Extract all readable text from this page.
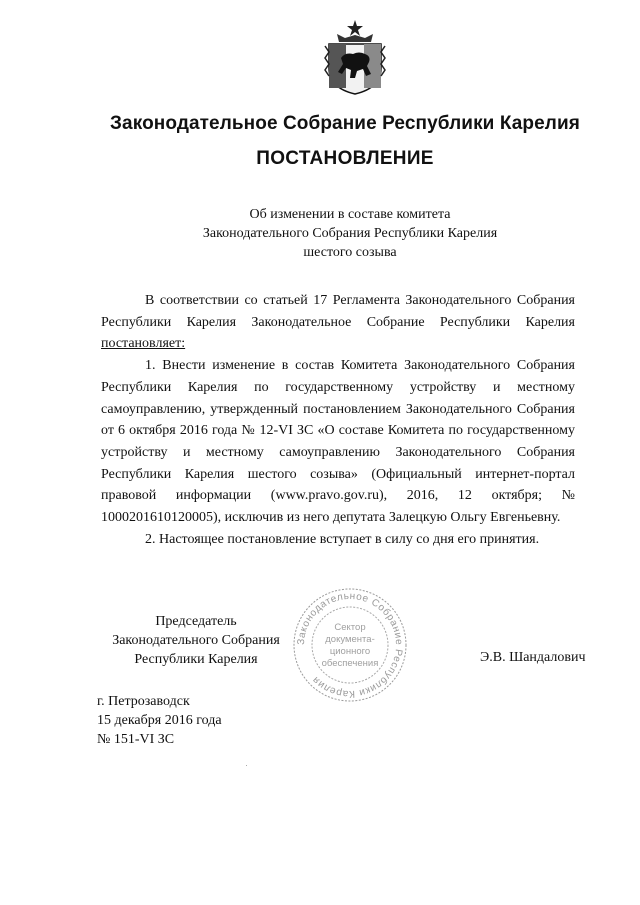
Законодательное Собрание Республики Карелия
ПОСТАНОВЛЕНИЕ
Об изменении в составе комитета
Законодательного Собрания Республики Карелия
шестого созыва

В соответствии со статьей 17 Регламента Законодательного Собрания Республики Карелия Законодательное Собрание Республики Карелия постановляет:

1. Внести изменение в состав Комитета Законодательного Собрания Республики Карелия по государственному устройству и местному самоуправлению, утвержденный постановлением Законодательного Собрания от 6 октября 2016 года № 12-VI ЗС «О составе Комитета по государственному устройству и местному самоуправлению Законодательного Собрания Республики Карелия шестого созыва» (Официальный интернет-портал правовой информации (www.pravo.gov.ru), 2016, 12 октября; № 1000201610120005), исключив из него депутата Залецкую Ольгу Евгеньевну.

2. Настоящее постановление вступает в силу со дня его принятия.

Председатель
Законодательного Собрания
Республики Карелия
Законодательное Собрание Республики Карелия
Сектор
документа-
ционного
обеспечения	Э.В. Шандалович
г. Петрозаводск
15 декабря 2016 года
№ 151-VI ЗС
